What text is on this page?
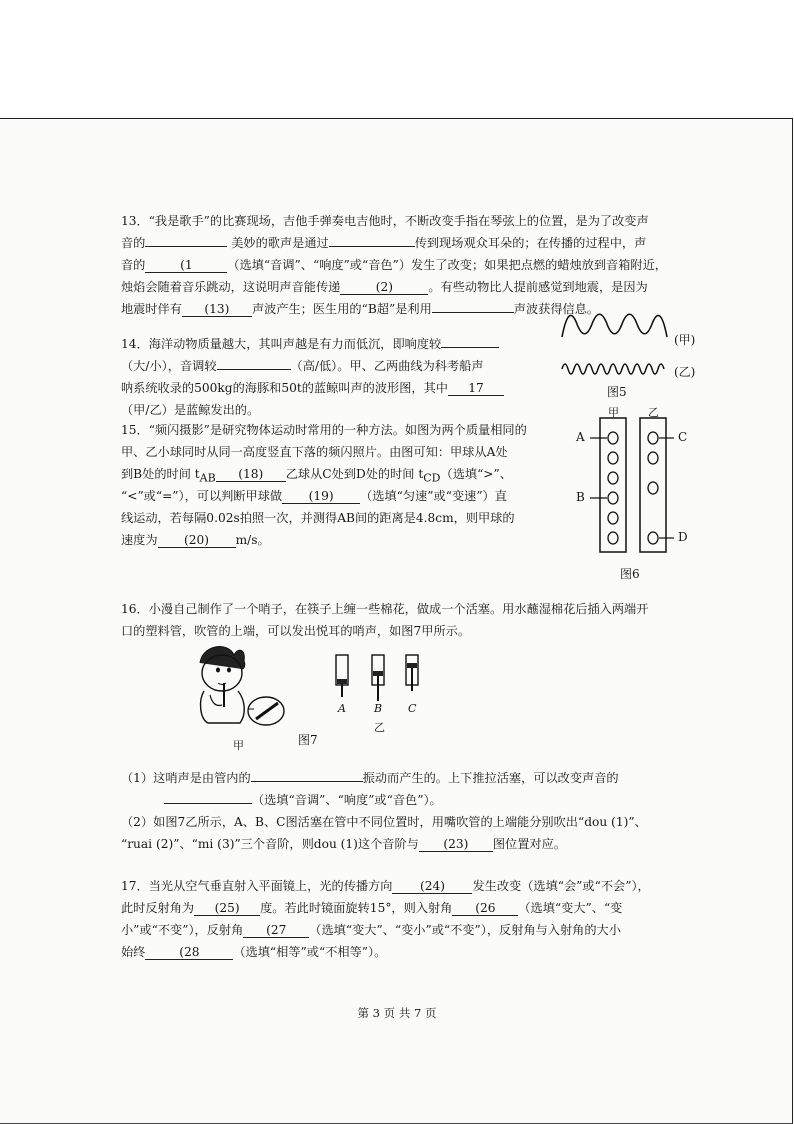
13．“我是歌手”的比赛现场，吉他手弹奏电吉他时，不断改变手指在琴弦上的位置，是为了改变声
音的	美妙的歌声是通过	传到现场观众耳朵的；在传播的过程中，声
音的	(1	（选填“音调”、“响度”或“音色”）发生了改变；如果把点燃的蜡烛放到音箱附近，
烛焰会随着音乐跳动，这说明声音能传递	(2)	。有些动物比人提前感觉到地震，是因为
地震时伴有 (13) 声波产生；医生用的“B超”是利用	声波获得信息。
14．海洋动物质量越大，其叫声越是有力而低沉，即响度较
（大/小），音调较	（高/低）。甲、乙两曲线为科考船声
呐系统收录的500kg的海豚和50t的蓝鲸叫声的波形图，其中 17
（甲/乙）是蓝鲸发出的。
(甲)
(乙)
图5
15．“频闪摄影”是研究物体运动时常用的一种方法。如图为两个质量相同的
甲、乙小球同时从同一高度竖直下落的频闪照片。由图可知：甲球从A处
到B处的时间 $t_{AB}$ (18) 乙球从C处到D处的时间 $t_{CD}$（选填“>”、
“<”或“=”），可以判断甲球做 (19) （选填“匀速”或“变速”）直
线运动，若每隔0.02s拍照一次，并测得AB间的距离是4.8cm，则甲球的
速度为 (20) m/s。
甲	乙
A
B
C
D
图6
16．小漫自己制作了一个哨子，在筷子上缠一些棉花，做成一个活塞。用水蘸湿棉花后插入两端开
口的塑料管，吹管的上端，可以发出悦耳的哨声，如图7甲所示。
甲	图7
A	B C
乙
（1）这哨声是由管内的	振动而产生的。上下推拉活塞，可以改变声音的
（选填“音调”、“响度”或“音色”）。
（2）如图7乙所示，A、B、C图活塞在管中不同位置时，用嘴吹管的上端能分别吹出“dou (1)”、
“ruai (2)”、“mi (3)”三个音阶，则dou (1)这个音阶与 (23) 图位置对应。
17．当光从空气垂直射入平面镜上，光的传播方向 (24) 发生改变（选填“会”或“不会”），
此时反射角为 (25) 度。若此时镜面旋转15°，则入射角 (26 （选填“变大”、“变
小”或“不变”），反射角 (27 （选填“变大”、“变小”或“不变”），反射角与入射角的大小
始终	(28	（选填“相等”或“不相等”）。
第 3 页 共 7 页
